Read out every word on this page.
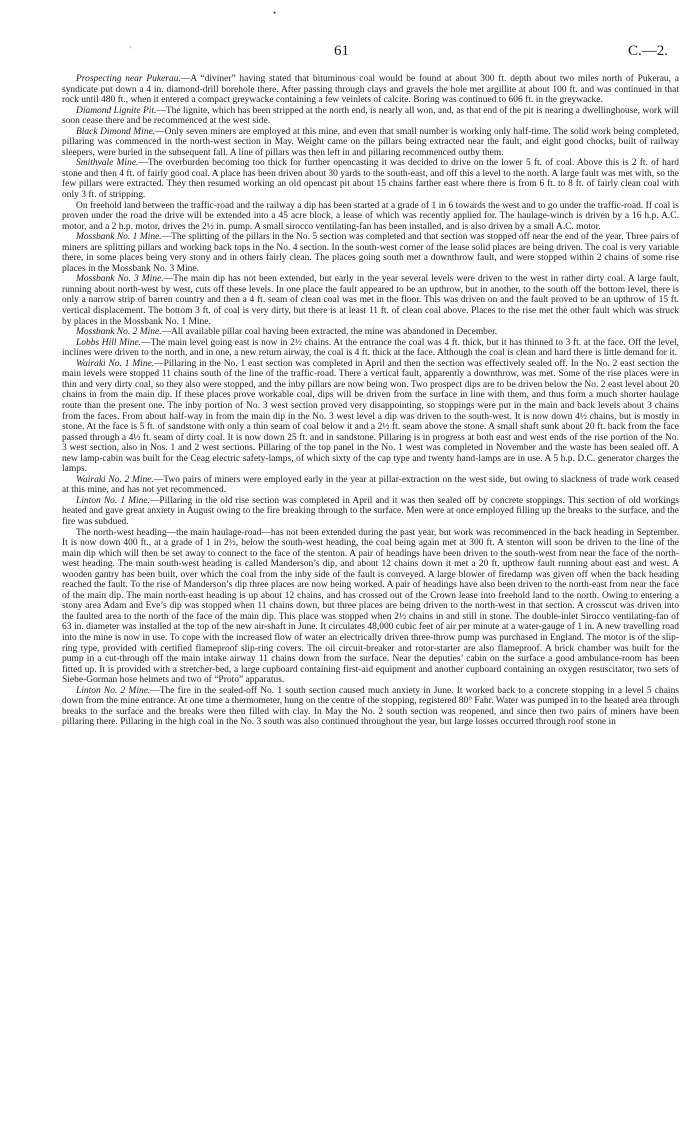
•
'	61	C.—2.

Prospecting near Pukerau.—A “diviner” having stated that bituminous coal would be found at about 300 ft. depth about two miles north of Pukerau, a syndicate put down a 4 in. diamond-drill borehole there. After passing through clays and gravels the hole met argillite at about 100 ft. and was continued in that rock until 480 ft., when it entered a compact greywacke containing a few veinlets of calcite. Boring was continued to 606 ft. in the greywacke.

Diamond Lignite Pit.—The lignite, which has been stripped at the north end, is nearly all won, and, as that end of the pit is nearing a dwellinghouse, work will soon cease there and be recommenced at the west side.

Black Dimond Mine.—Only seven miners are employed at this mine, and even that small number is working only half-time. The solid work being completed, pillaring was commenced in the north-west section in May. Weight came on the pillars being extracted near the fault, and eight good chocks, built of railway sleepers, were buried in the subsequent fall. A line of pillars was then left in and pillaring recommenced outby them.

Smithvale Mine.—The overburden becoming too thick for further opencasting it was decided to drive on the lower 5 ft. of coal. Above this is 2 ft. of hard stone and then 4 ft. of fairly good coal. A place has been driven about 30 yards to the south-east, and off this a level to the north. A large fault was met with, so the few pillars were extracted. They then resumed working an old opencast pit about 15 chains farther east where there is from 6 ft. to 8 ft. of fairly clean coal with only 3 ft. of stripping.

On freehold land between the traffic-road and the railway a dip has been started at a grade of 1 in 6 towards the west and to go under the traffic-road. If coal is proven under the road the drive will be extended into a 45 acre block, a lease of which was recently applied for. The haulage-winch is driven by a 16 h.p. A.C. motor, and a 2 h.p. motor, drives the 2½ in. pump. A small sirocco ventilating-fan has been installed, and is also driven by a small A.C. motor.

Mossbank No. 1 Mine.—The splitting of the pillars in the No. 5 section was completed and that section was stopped off near the end of the year. Three pairs of miners are splitting pillars and working back tops in the No. 4 section. In the south-west corner of the lease solid places are being driven. The coal is very variable there, in some places being very stony and in others fairly clean. The places going south met a downthrow fault, and were stopped within 2 chains of some rise places in the Mossbank No. 3 Mine.

Mossbank No. 3 Mine.—The main dip has not been extended, but early in the year several levels were driven to the west in rather dirty coal. A large fault, running about north-west by west, cuts off these levels. In one place the fault appeared to be an upthrow, but in another, to the south off the bottom level, there is only a narrow strip of barren country and then a 4 ft. seam of clean coal was met in the floor. This was driven on and the fault proved to be an upthrow of 15 ft. vertical displacement. The bottom 3 ft. of coal is very dirty, but there is at least 11 ft. of clean coal above. Places to the rise met the other fault which was struck by places in the Mossbank No. 1 Mine.

Mossbank No. 2 Mine.—All available pillar coal having been extracted, the mine was abandoned in December.

Lobbs Hill Mine.—The main level going east is now in 2½ chains. At the entrance the coal was 4 ft. thick, but it has thinned to 3 ft. at the face. Off the level, inclines were driven to the north, and in one, a new return airway, the coal is 4 ft. thick at the face. Although the coal is clean and hard there is little demand for it.

Wairaki No. 1 Mine.—Pillaring in the No. 1 east section was completed in April and then the section was effectively sealed off. In the No. 2 east section the main levels were stopped 11 chains south of the line of the traffic-road. There a vertical fault, apparently a downthrow, was met. Some of the rise places were in thin and very dirty coal, so they also were stopped, and the inby pillars are now being won. Two prospect dips are to be driven below the No. 2 east level about 20 chains in from the main dip. If these places prove workable coal, dips will be driven from the surface in line with them, and thus form a much shorter haulage route than the present one. The inby portion of No. 3 west section proved very disappointing, so stoppings were put in the main and back levels about 3 chains from the faces. From about half-way in from the main dip in the No. 3 west level a dip was driven to the south-west. It is now down 4½ chains, but is mostly in stone. At the face is 5 ft. of sandstone with only a thin seam of coal below it and a 2½ ft. seam above the stone. A small shaft sunk about 20 ft. back from the face passed through a 4½ ft. seam of dirty coal. It is now down 25 ft. and in sandstone. Pillaring is in progress at both east and west ends of the rise portion of the No. 3 west section, also in Nos. 1 and 2 west sections. Pillaring of the top panel in the No. 1 west was completed in November and the waste has been sealed off. A new lamp-cabin was built for the Ceag electric safety-lamps, of which sixty of the cap type and twenty hand-lamps are in use. A 5 h.p. D.C. generator charges the lamps.

Wairaki No. 2 Mine.—Two pairs of miners were employed early in the year at pillar-extraction on the west side, but owing to slackness of trade work ceased at this mine, and has not yet recommenced.

Linton No. 1 Mine.—Pillaring in the old rise section was completed in April and it was then sealed off by concrete stoppings. This section of old workings heated and gave great anxiety in August owing to the fire breaking through to the surface. Men were at once employed filling up the breaks to the surface, and the fire was subdued.

The north-west heading—the main haulage-road—has not been extended during the past year, but work was recommenced in the back heading in September. It is now down 400 ft., at a grade of 1 in 2½, below the south-west heading, the coal being again met at 300 ft. A stenton will soon be driven to the line of the main dip which will then be set away to connect to the face of the stenton. A pair of headings have been driven to the south-west from near the face of the north-west heading. The main south-west heading is called Manderson’s dip, and about 12 chains down it met a 20 ft. upthrow fault running about east and west. A wooden gantry has been built, over which the coal from the inby side of the fault is conveyed. A large blower of firedamp was given off when the back heading reached the fault. To the rise of Manderson’s dip three places are now being worked. A pair of headings have also been driven to the north-east from near the face of the main dip. The main north-east heading is up about 12 chains, and has crossed out of the Crown lease into freehold land to the north. Owing to entering a stony area Adam and Eve’s dip was stopped when 11 chains down, but three places are being driven to the north-west in that section. A crosscut was driven into the faulted area to the north of the face of the main dip. This place was stopped when 2½ chains in and still in stone. The double-inlet Sirocco ventilating-fan of 63 in. diameter was installed at the top of the new air-shaft in June. It circulates 48,000 cubic feet of air per minute at a water-gauge of 1 in. A new travelling road into the mine is now in use. To cope with the increased flow of water an electrically driven three-throw pump was purchased in England. The motor is of the slip-ring type, provided with certified flameproof slip-ring covers. The oil circuit-breaker and rotor-starter are also flameproof. A brick chamber was built for the pump in a cut-through off the main intake airway 11 chains down from the surface. Near the deputies’ cabin on the surface a good ambulance-room has been fitted up. It is provided with a stretcher-bed, a large cupboard containing first-aid equipment and another cupboard containing an oxygen resuscitator, two sets of Siebe-Gorman hose helmets and two of “Proto” apparatus.

Linton No. 2 Mine.—The fire in the sealed-off No. 1 south section caused much anxiety in June. It worked back to a concrete stopping in a level 5 chains down from the mine entrance. At one time a thermometer, hung on the centre of the stopping, registered 80° Fahr. Water was pumped in to the heated area through breaks to the surface and the breaks were then filled with clay. In May the No. 2 south section was reopened, and since then two pairs of miners have been pillaring there. Pillaring in the high coal in the No. 3 south was also continued throughout the year, but large losses occurred through roof stone in
